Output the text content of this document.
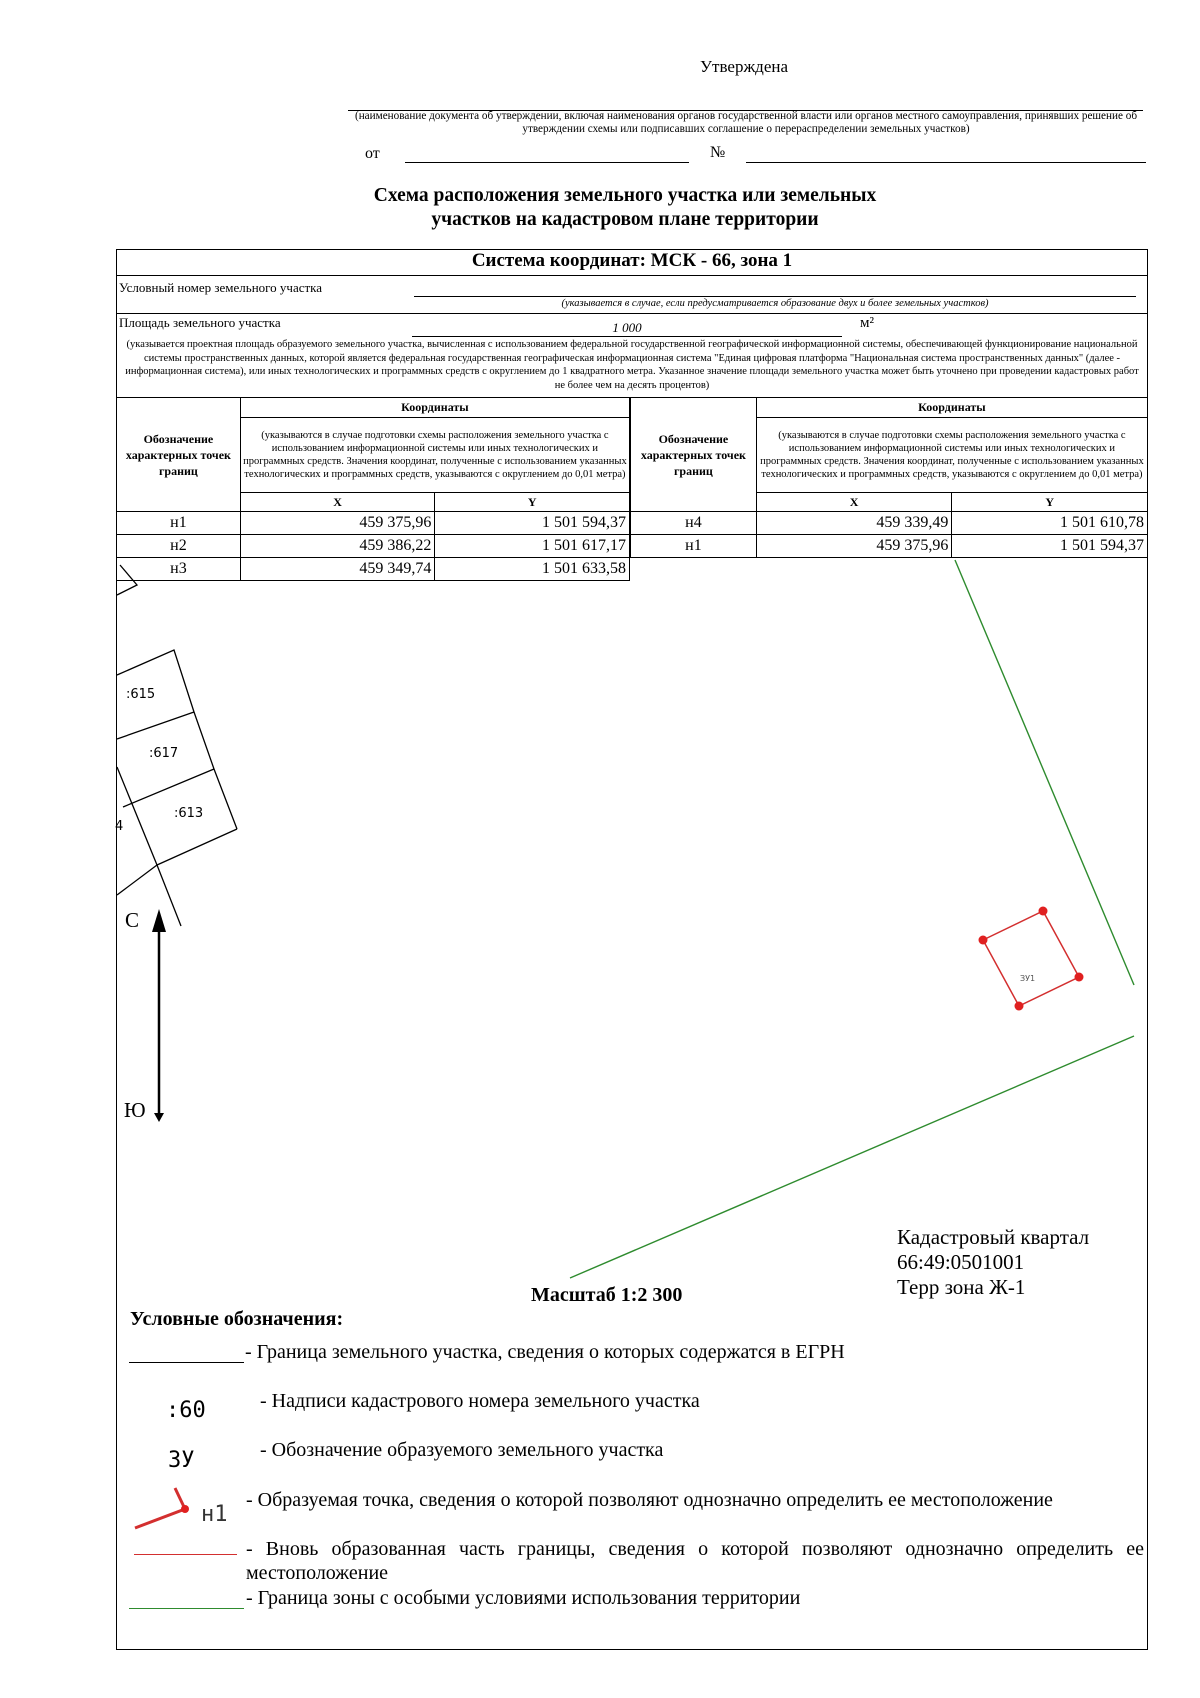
Утверждена
(наименование документа об утверждении, включая наименования органов государственной власти или органов местного самоуправления, принявших решение об утверждении схемы или подписавших соглашение о перераспределении земельных участков)
от	№
Схема расположения земельного участка или земельных
участков на кадастровом плане территории
Система координат: МСК - 66, зона 1
Условный номер земельного участка
(указывается в случае, если предусматривается образование двух и более земельных участков)
Площадь земельного участка	1 000	м²
(указывается проектная площадь образуемого земельного участка, вычисленная с использованием федеральной государственной географической информационной системы, обеспечивающей функционирование национальной системы пространственных данных, которой является федеральная государственная географическая информационная система "Единая цифровая платформа "Национальная система пространственных данных" (далее - информационная система), или иных технологических и программных средств с округлением до 1 квадратного метра. Указанное значение площади земельного участка может быть уточнено при проведении кадастровых работ не более чем на десять процентов)
Обозначение характерных точек границ	Координаты	
	(указываются в случае подготовки схемы расположения земельного участка с использованием информационной системы или иных технологических и программных средств. Значения координат, полученные с использованием указанных технологических и программных средств, указываются с округлением до 0,01 метра)	
	X	Y
н1	459 375,96	1 501 594,37
н2	459 386,22	1 501 617,17
н3	459 349,74	1 501 633,58
Обозначение характерных точек границ	Координаты	
	(указываются в случае подготовки схемы расположения земельного участка с использованием информационной системы или иных технологических и программных средств. Значения координат, полученные с использованием указанных технологических и программных средств, указываются с округлением до 0,01 метра)	
	X	Y
н4	459 339,49	1 501 610,78
н1	459 375,96	1 501 594,37
:615
:617
:613
4
ЗУ1
С
Ю
Кадастровый квартал
66:49:0501001
Терр зона Ж-1
Масштаб 1:2 300
Условные обозначения:
- Граница земельного участка, сведения о которых содержатся в ЕГРН
:60	- Надписи кадастрового номера земельного участка
ЗУ	- Обозначение образуемого земельного участка
н1
- Образуемая точка, сведения о которой позволяют однозначно определить ее местоположение
- Вновь образованная часть границы, сведения о которой позволяют однозначно определить ее местоположение
- Граница зоны с особыми условиями использования территории
